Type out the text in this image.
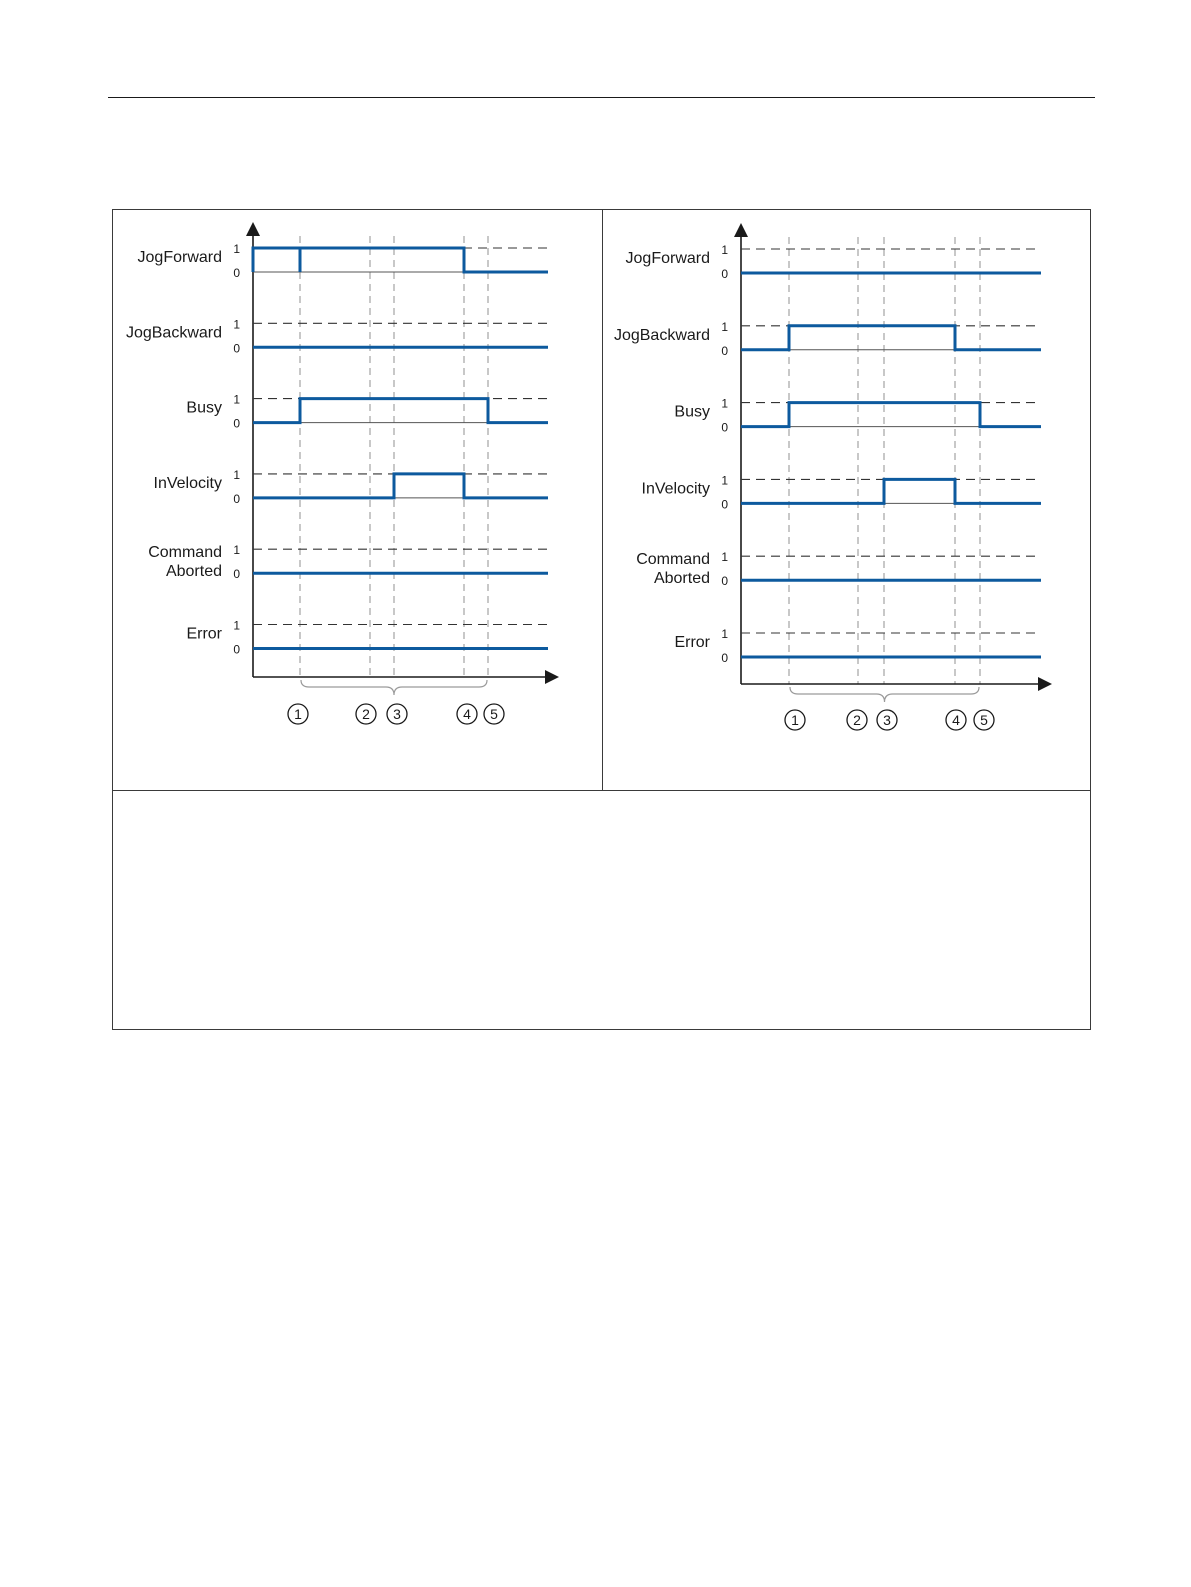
1
0
JogForward
1
0
JogBackward
1
0
Busy
1
0
InVelocity
1
0
Command
Aborted
1
0
Error
1	2 3	4 5
1
0
JogForward
1
0
JogBackward
1
0
Busy
1
0
InVelocity
1
0
Command
Aborted
1
0
Error
1	2 3	4 5
